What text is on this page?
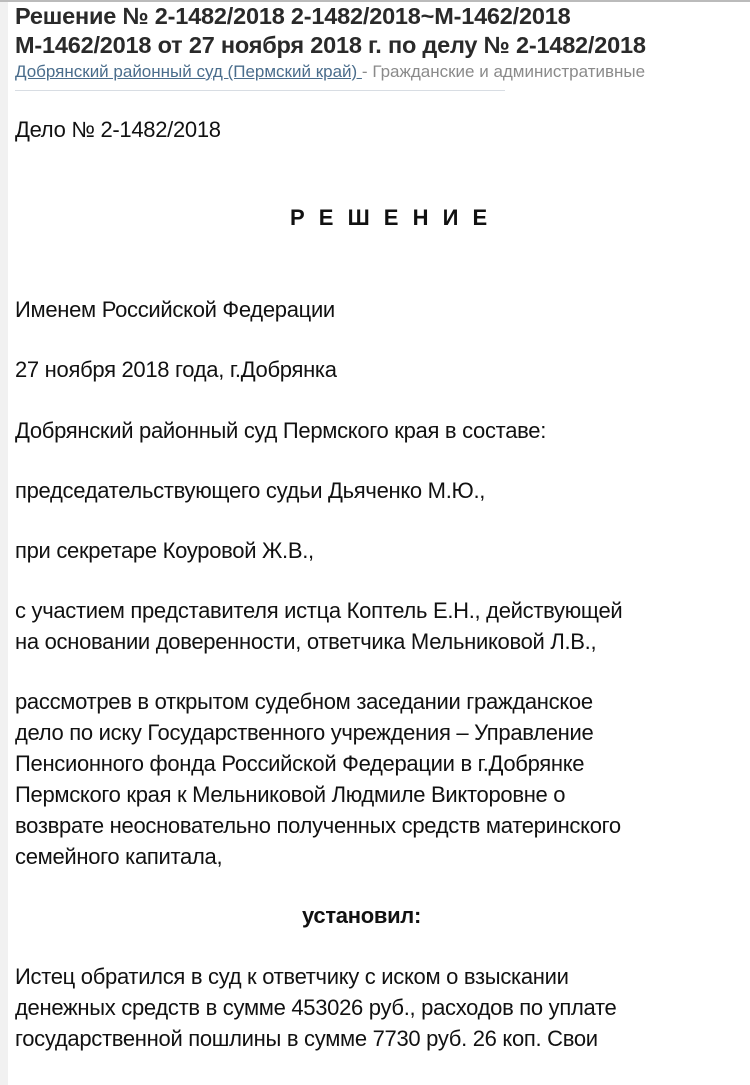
Решение № 2-1482/2018 2-1482/2018~М-1462/2018
М-1462/2018 от 27 ноября 2018 г. по делу № 2-1482/2018
Добрянский районный суд (Пермский край) - Гражданские и административные
Дело № 2-1482/2018
Р Е Ш Е Н И Е
Именем Российской Федерации
27 ноября 2018 года, г.Добрянка
Добрянский районный суд Пермского края в составе:
председательствующего судьи Дьяченко М.Ю.,
при секретаре Коуровой Ж.В.,
с участием представителя истца Коптель Е.Н., действующей
на основании доверенности, ответчика Мельниковой Л.В.,
рассмотрев в открытом судебном заседании гражданское
дело по иску Государственного учреждения – Управление
Пенсионного фонда Российской Федерации в г.Добрянке
Пермского края к Мельниковой Людмиле Викторовне о
возврате неосновательно полученных средств материнского
семейного капитала,
установил:
Истец обратился в суд к ответчику с иском о взыскании
денежных средств в сумме 453026 руб., расходов по уплате
государственной пошлины в сумме 7730 руб. 26 коп. Свои
